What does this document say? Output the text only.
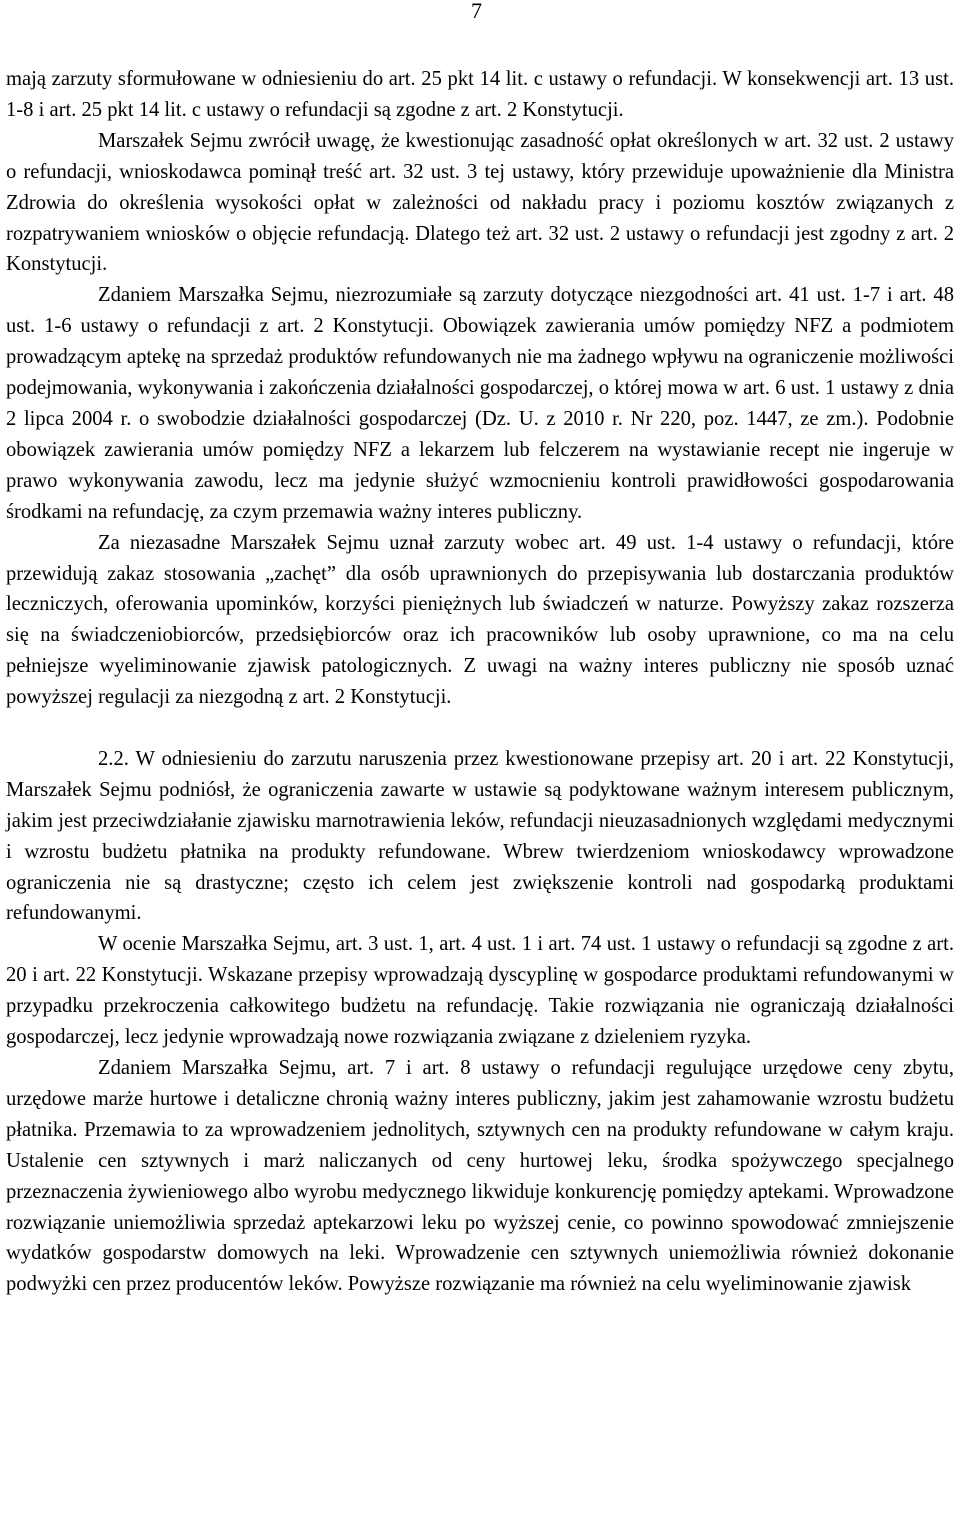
7

mają zarzuty sformułowane w odniesieniu do art. 25 pkt 14 lit. c ustawy o refundacji. W konsekwencji art. 13 ust. 1-8 i art. 25 pkt 14 lit. c ustawy o refundacji są zgodne z art. 2 Konstytucji.

Marszałek Sejmu zwrócił uwagę, że kwestionując zasadność opłat określonych w art. 32 ust. 2 ustawy o refundacji, wnioskodawca pominął treść art. 32 ust. 3 tej ustawy, który przewiduje upoważnienie dla Ministra Zdrowia do określenia wysokości opłat w zależności od nakładu pracy i poziomu kosztów związanych z rozpatrywaniem wniosków o objęcie refundacją. Dlatego też art. 32 ust. 2 ustawy o refundacji jest zgodny z art. 2 Konstytucji.

Zdaniem Marszałka Sejmu, niezrozumiałe są zarzuty dotyczące niezgodności art. 41 ust. 1-7 i art. 48 ust. 1-6 ustawy o refundacji z art. 2 Konstytucji. Obowiązek zawierania umów pomiędzy NFZ a podmiotem prowadzącym aptekę na sprzedaż produktów refundowanych nie ma żadnego wpływu na ograniczenie możliwości podejmowania, wykonywania i zakończenia działalności gospodarczej, o której mowa w art. 6 ust. 1 ustawy z dnia 2 lipca 2004 r. o swobodzie działalności gospodarczej (Dz. U. z 2010 r. Nr 220, poz. 1447, ze zm.). Podobnie obowiązek zawierania umów pomiędzy NFZ a lekarzem lub felczerem na wystawianie recept nie ingeruje w prawo wykonywania zawodu, lecz ma jedynie służyć wzmocnieniu kontroli prawidłowości gospodarowania środkami na refundację, za czym przemawia ważny interes publiczny.

Za niezasadne Marszałek Sejmu uznał zarzuty wobec art. 49 ust. 1-4 ustawy o refundacji, które przewidują zakaz stosowania „zachęt” dla osób uprawnionych do przepisywania lub dostarczania produktów leczniczych, oferowania upominków, korzyści pieniężnych lub świadczeń w naturze. Powyższy zakaz rozszerza się na świadczeniobiorców, przedsiębiorców oraz ich pracowników lub osoby uprawnione, co ma na celu pełniejsze wyeliminowanie zjawisk patologicznych. Z uwagi na ważny interes publiczny nie sposób uznać powyższej regulacji za niezgodną z art. 2 Konstytucji.

2.2. W odniesieniu do zarzutu naruszenia przez kwestionowane przepisy art. 20 i art. 22 Konstytucji, Marszałek Sejmu podniósł, że ograniczenia zawarte w ustawie są podyktowane ważnym interesem publicznym, jakim jest przeciwdziałanie zjawisku marnotrawienia leków, refundacji nieuzasadnionych względami medycznymi i wzrostu budżetu płatnika na produkty refundowane. Wbrew twierdzeniom wnioskodawcy wprowadzone ograniczenia nie są drastyczne; często ich celem jest zwiększenie kontroli nad gospodarką produktami refundowanymi.

W ocenie Marszałka Sejmu, art. 3 ust. 1, art. 4 ust. 1 i art. 74 ust. 1 ustawy o refundacji są zgodne z art. 20 i art. 22 Konstytucji. Wskazane przepisy wprowadzają dyscyplinę w gospodarce produktami refundowanymi w przypadku przekroczenia całkowitego budżetu na refundację. Takie rozwiązania nie ograniczają działalności gospodarczej, lecz jedynie wprowadzają nowe rozwiązania związane z dzieleniem ryzyka.

Zdaniem Marszałka Sejmu, art. 7 i art. 8 ustawy o refundacji regulujące urzędowe ceny zbytu, urzędowe marże hurtowe i detaliczne chronią ważny interes publiczny, jakim jest zahamowanie wzrostu budżetu płatnika. Przemawia to za wprowadzeniem jednolitych, sztywnych cen na produkty refundowane w całym kraju. Ustalenie cen sztywnych i marż naliczanych od ceny hurtowej leku, środka spożywczego specjalnego przeznaczenia żywieniowego albo wyrobu medycznego likwiduje konkurencję pomiędzy aptekami. Wprowadzone rozwiązanie uniemożliwia sprzedaż aptekarzowi leku po wyższej cenie, co powinno spowodować zmniejszenie wydatków gospodarstw domowych na leki. Wprowadzenie cen sztywnych uniemożliwia również dokonanie podwyżki cen przez producentów leków. Powyższe rozwiązanie ma również na celu wyeliminowanie zjawisk
